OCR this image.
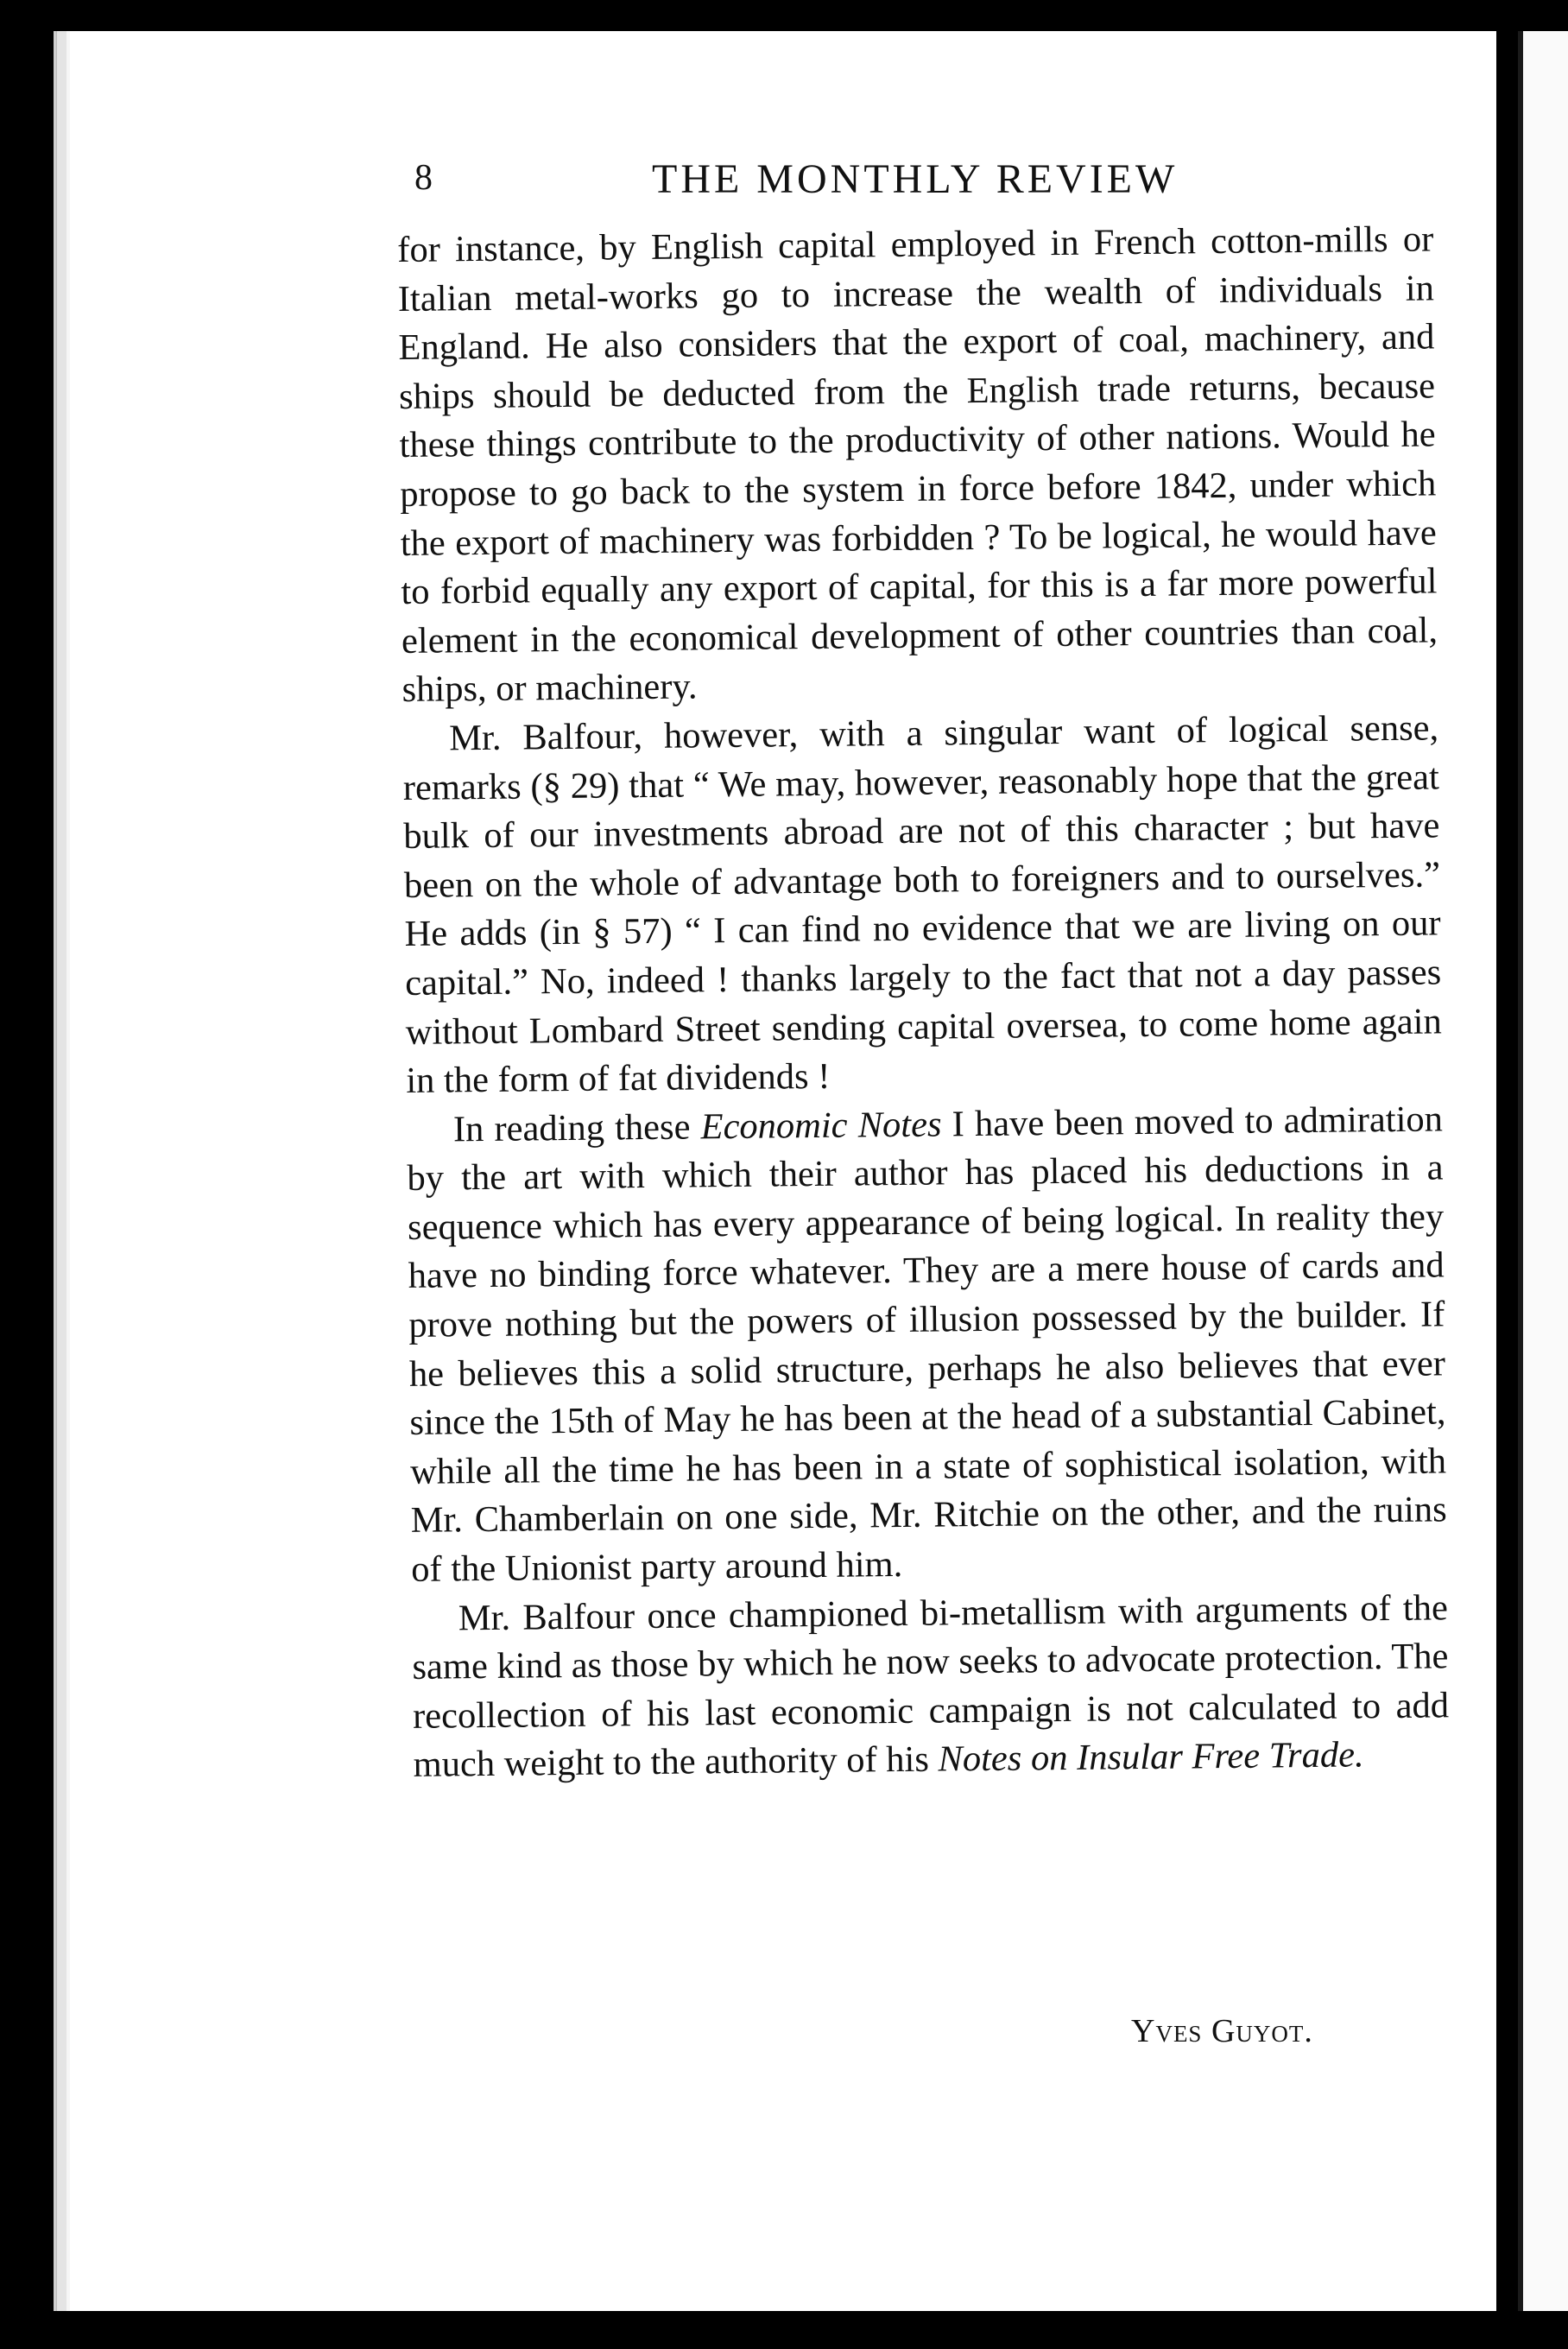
8	THE MONTHLY REVIEW

for instance, by English capital employed in French cotton-mills or Italian metal-works go to increase the wealth of individuals in England. He also considers that the export of coal, machinery, and ships should be deducted from the English trade returns, because these things contribute to the productivity of other nations. Would he propose to go back to the system in force before 1842, under which the export of machinery was forbidden ? To be logical, he would have to forbid equally any export of capital, for this is a far more powerful element in the economical development of other countries than coal, ships, or machinery.

Mr. Balfour, however, with a singular want of logical sense, remarks (§ 29) that “ We may, however, reasonably hope that the great bulk of our investments abroad are not of this character ; but have been on the whole of advantage both to foreigners and to ourselves.” He adds (in § 57) “ I can find no evidence that we are living on our capital.” No, indeed ! thanks largely to the fact that not a day passes without Lombard Street sending capital oversea, to come home again in the form of fat dividends !

In reading these Economic Notes I have been moved to admiration by the art with which their author has placed his deductions in a sequence which has every appearance of being logical. In reality they have no binding force whatever. They are a mere house of cards and prove nothing but the powers of illusion possessed by the builder. If he believes this a solid structure, perhaps he also believes that ever since the 15th of May he has been at the head of a substantial Cabinet, while all the time he has been in a state of sophistical isolation, with Mr. Chamberlain on one side, Mr. Ritchie on the other, and the ruins of the Unionist party around him.

Mr. Balfour once championed bi-metallism with arguments of the same kind as those by which he now seeks to advocate protection. The recollection of his last economic campaign is not calculated to add much weight to the authority of his Notes on Insular Free Trade.

Yves Guyot.
